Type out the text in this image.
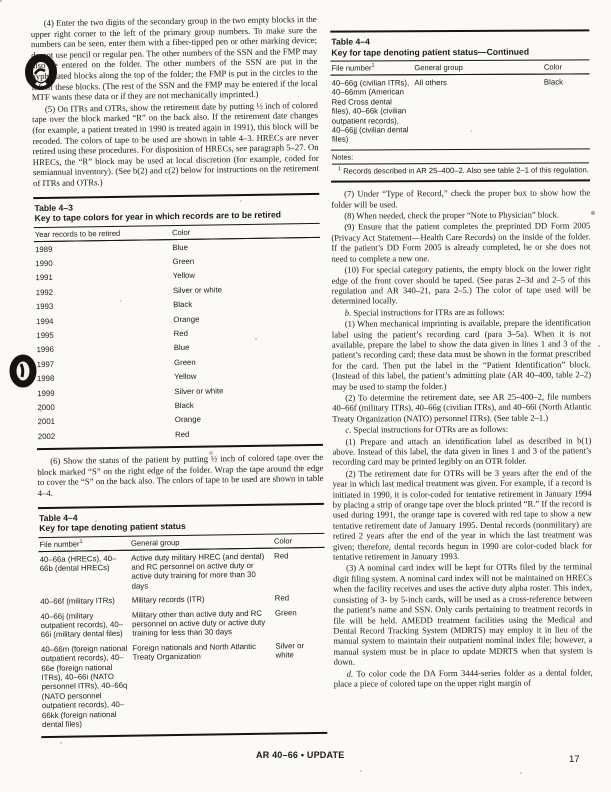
(4) Enter the two digits of the secondary group in the two empty blocks in the upper right corner to the left of the primary group numbers. To make sure the numbers can be seen, enter them with a fiber-tipped pen or other marking device; do not use pencil or regular pen. The other numbers of the SSN and the FMP may also be entered on the folder. The other numbers of the SSN are put in the hyphenated blocks along the top of the folder; the FMP is put in the circles to the left of these blocks. (The rest of the SSN and the FMP may be entered if the local MTF wants these data or if they are not mechanically imprinted.)

(5) On ITRs and OTRs, show the retirement date by putting ½ inch of colored tape over the block marked “R” on the back also. If the retirement date changes (for example, a patient treated in 1990 is treated again in 1991), this block will be recoded. The colors of tape to be used are shown in table 4–3. HRECs are never retired using these procedures. For disposition of HRECs, see paragraph 5–27. On HRECs, the “R” block may be used at local discretion (for example, coded for semiannual inventory). (See b(2) and c(2) below for instructions on the retirement of ITRs and OTRs.)

Table 4–3
Key to tape colors for year in which records are to be retired
Year records to be retired	Color
1989	Blue
1990	Green
1991	Yellow
1992	Silver or white
1993	Black
1994	Orange
1995	Red
1996	Blue
1997	Green
1998	Yellow
1999	Silver or white
2000	Black
2001	Orange
2002	Red

(6) Show the status of the patient by putting ½ inch of colored tape over the block marked “S” on the right edge of the folder. Wrap the tape around the edge to cover the “S” on the back also. The colors of tape to be used are shown in table 4–4.

Table 4–4
Key for tape denoting patient status
File number$^1$	General group	Color
40–66a (HRECs), 40–66b (dental HRECs)	Active duty military HREC (and dental) and RC personnel on active duty or active duty training for more than 30 days	Red
40–66f (military ITRs)	Military records (ITR)	Red
40–66j (military outpatient records), 40–66i (military dental files)	Military other than active duty and RC personnel on active duty or active duty training for less than 30 days	Green
40–66m (foreign national outpatient records), 40–66e (foreign national ITRs), 40–66i (NATO personnel ITRs), 40–66q (NATO personnel outpatient records), 40–66kk (foreign national dental files)	Foreign nationals and North Atlantic Treaty Organization	Silver or white
Table 4–4
Key for tape denoting patient status—Continued
File number$^1$	General group	Color
40–66g (civilian ITRs), 40–66mm (American Red Cross dental files), 40–66k (civilian outpatient records), 40–66jj (civilian dental files)	All others	Black
Notes:
$^1$ Records described in AR 25–400–2. Also see table 2–1 of this regulation.

(7) Under “Type of Record,” check the proper box to show how the folder will be used.

(8) When needed, check the proper “Note to Physician” block.

(9) Ensure that the patient completes the preprinted DD Form 2005 (Privacy Act Statement—Health Care Records) on the inside of the folder. If the patient’s DD Form 2005 is already completed, he or she does not need to complete a new one.

(10) For special category patients, the empty block on the lower right edge of the front cover should be taped. (See paras 2–3d and 2–5 of this regulation and AR 340–21, para 2–5.) The color of tape used will be determined locally.

b. Special instructions for ITRs are as follows:

(1) When mechanical imprinting is available, prepare the identification label using the patient’s recording card (para 3–5a). When it is not available, prepare the label to show the data given in lines 1 and 3 of the patient’s recording card; these data must be shown in the format prescribed for the card. Then put the label in the “Patient Identification” block. (Instead of this label, the patient’s admitting plate (AR 40–400, table 2–2) may be used to stamp the folder.)

(2) To determine the retirement date, see AR 25–400–2, file numbers 40–66f (military ITRs), 40–66g (civilian ITRs), and 40–66i (North Atlantic Treaty Organization (NATO) personnel ITRs). (See table 2–1.)

c. Special instructions for OTRs are as follows:

(1) Prepare and attach an identification label as described in b(1) above. Instead of this label, the data given in lines 1 and 3 of the patient’s recording card may be printed legibly on an OTR folder.

(2) The retirement date for OTRs will be 3 years after the end of the year in which last medical treatment was given. For example, if a record is initiated in 1990, it is color-coded for tentative retirement in January 1994 by placing a strip of orange tape over the block printed “R.” If the record is used during 1991, the orange tape is covered with red tape to show a new tentative retirement date of January 1995. Dental records (nonmilitary) are retired 2 years after the end of the year in which the last treatment was given; therefore, dental records begun in 1990 are color-coded black for tentative retirement in January 1993.

(3) A nominal card index will be kept for OTRs filed by the terminal digit filing system. A nominal card index will not be maintained on HRECs when the facility receives and uses the active duty alpha roster. This index, consisting of 3- by 5-inch cards, will be used as a cross-reference between the patient’s name and SSN. Only cards pertaining to treatment records in file will be held. AMEDD treatment facilities using the Medical and Dental Record Tracking System (MDRTS) may employ it in lieu of the manual system to maintain their outpatient nominal index file; however, a manual system must be in place to update MDRTS when that system is down.

d. To color code the DA Form 3444-series folder as a dental folder, place a piece of colored tape on the upper right margin of

AR 40–66 • UPDATE	17
